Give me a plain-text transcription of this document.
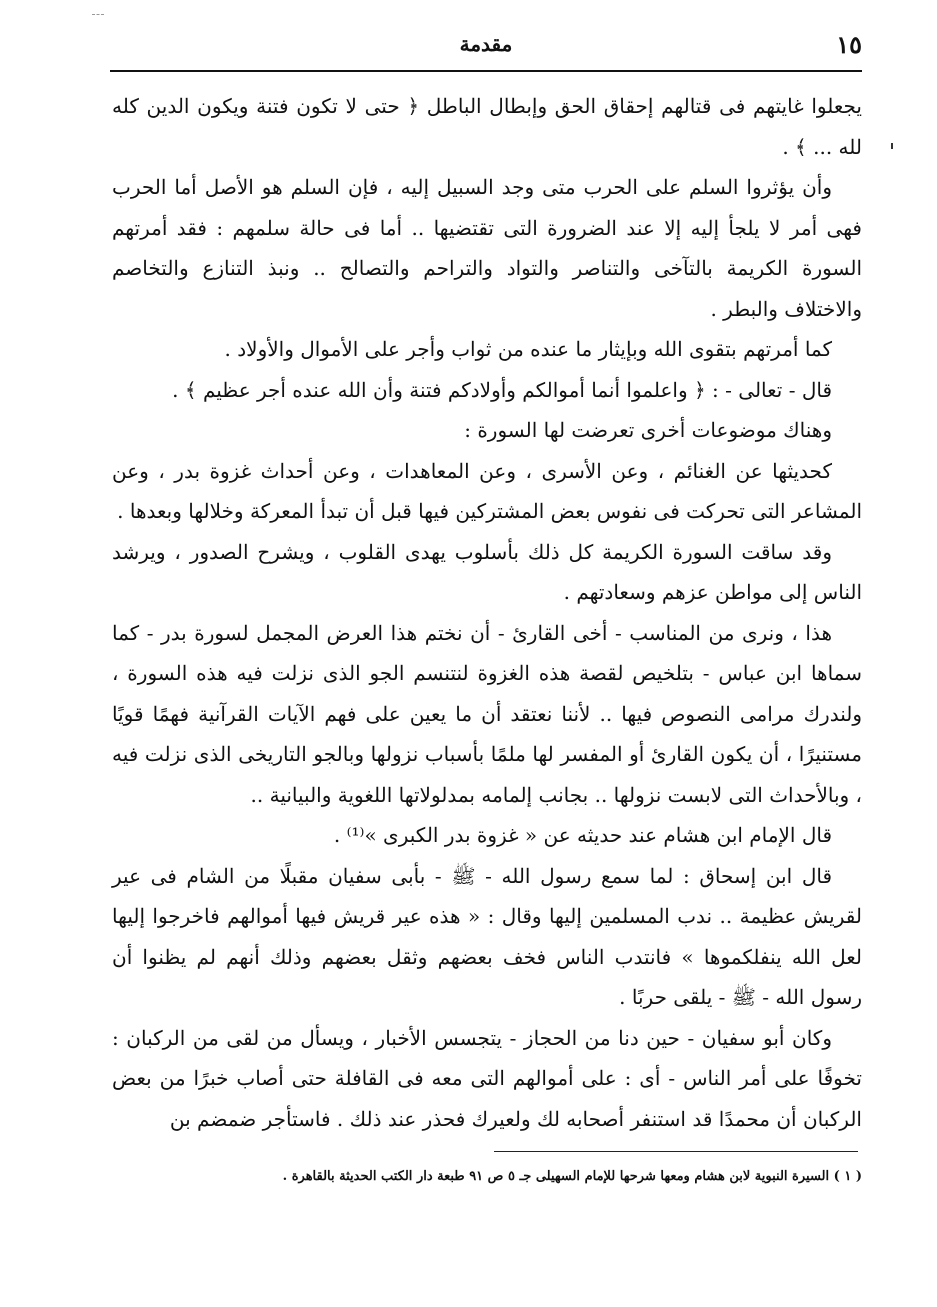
١٥
مقدمة

يجعلوا غايتهم فى قتالهم إحقاق الحق وإبطال الباطل ﴿ حتى لا تكون فتنة ويكون الدين كله لله ... ﴾ .

وأن يؤثروا السلم على الحرب متى وجد السبيل إليه ، فإن السلم هو الأصل أما الحرب فهى أمر لا يلجأ إليه إلا عند الضرورة التى تقتضيها .. أما فى حالة سلمهم : فقد أمرتهم السورة الكريمة بالتآخى والتناصر والتواد والتراحم والتصالح .. ونبذ التنازع والتخاصم والاختلاف والبطر .

كما أمرتهم بتقوى الله وبإيثار ما عنده من ثواب وأجر على الأموال والأولاد .

قال - تعالى - : ﴿ واعلموا أنما أموالكم وأولادكم فتنة وأن الله عنده أجر عظيم ﴾ .

وهناك موضوعات أخرى تعرضت لها السورة :

كحديثها عن الغنائم ، وعن الأسرى ، وعن المعاهدات ، وعن أحداث غزوة بدر ، وعن المشاعر التى تحركت فى نفوس بعض المشتركين فيها قبل أن تبدأ المعركة وخلالها وبعدها .

وقد ساقت السورة الكريمة كل ذلك بأسلوب يهدى القلوب ، ويشرح الصدور ، ويرشد الناس إلى مواطن عزهم وسعادتهم .

هذا ، ونرى من المناسب - أخى القارئ - أن نختم هذا العرض المجمل لسورة بدر - كما سماها ابن عباس - بتلخيص لقصة هذه الغزوة لنتنسم الجو الذى نزلت فيه هذه السورة ، ولندرك مرامى النصوص فيها .. لأننا نعتقد أن ما يعين على فهم الآيات القرآنية فهمًا قويًا مستنيرًا ، أن يكون القارئ أو المفسر لها ملمًا بأسباب نزولها وبالجو التاريخى الذى نزلت فيه ، وبالأحداث التى لابست نزولها .. بجانب إلمامه بمدلولاتها اللغوية والبيانية ..

قال الإمام ابن هشام عند حديثه عن « غزوة بدر الكبرى »⁽¹⁾ .

قال ابن إسحاق : لما سمع رسول الله - ﷺ - بأبى سفيان مقبلًا من الشام فى عير لقريش عظيمة .. ندب المسلمين إليها وقال : « هذه عير قريش فيها أموالهم فاخرجوا إليها لعل الله ينفلكموها » فانتدب الناس فخف بعضهم وثقل بعضهم وذلك أنهم لم يظنوا أن رسول الله - ﷺ - يلقى حربًا .

وكان أبو سفيان - حين دنا من الحجاز - يتجسس الأخبار ، ويسأل من لقى من الركبان : تخوفًا على أمر الناس - أى : على أموالهم التى معه فى القافلة حتى أصاب خبرًا من بعض الركبان أن محمدًا قد استنفر أصحابه لك ولعيرك فحذر عند ذلك . فاستأجر ضمضم بن

( ١ ) السيرة النبوية لابن هشام ومعها شرحها للإمام السهيلى جـ ٥ ص ٩١ طبعة دار الكتب الحديثة بالقاهرة .
